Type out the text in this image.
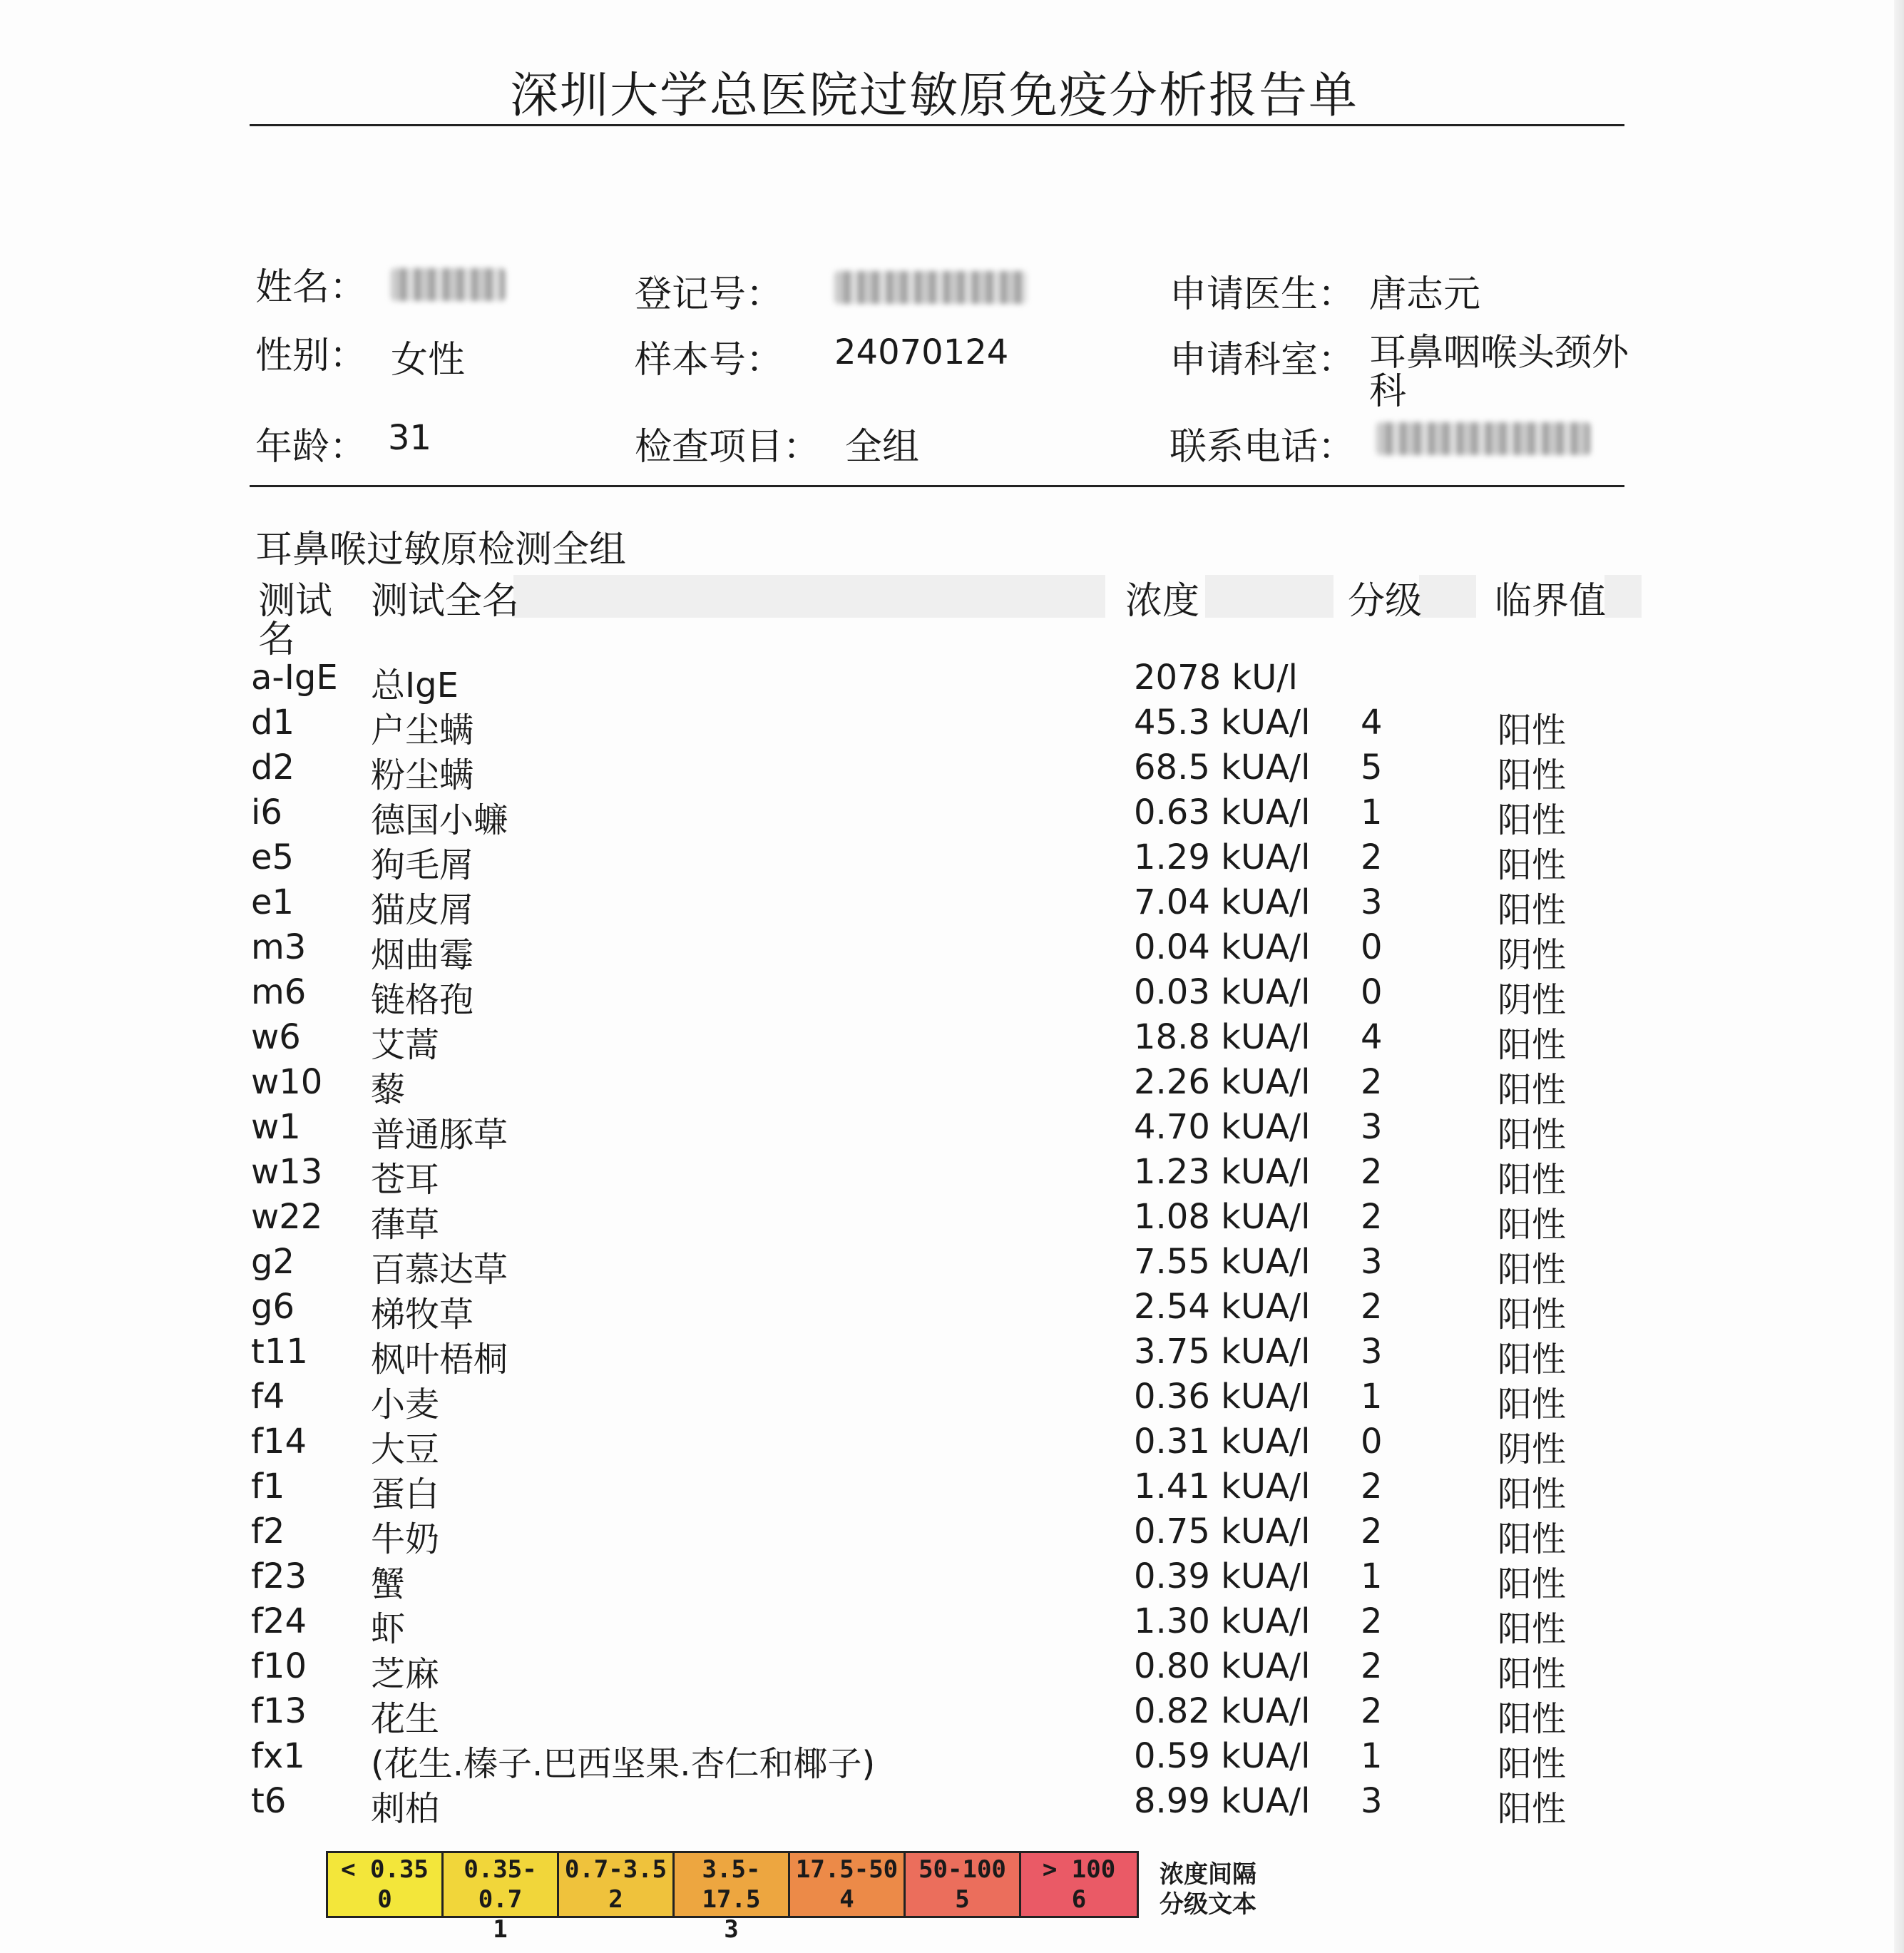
深圳大学总医院过敏原免疫分析报告单
姓名：	登记号：	申请医生： 唐志元
性别： 女性	样本号： 24070124	申请科室： 耳鼻咽喉头颈外
科
年龄： 31	检查项目： 全组	联系电话：
耳鼻喉过敏原检测全组
测试
名
测试全名	浓度	分级 临界值
a-IgE 总IgE	2078 kU/l
d1 户尘螨	45.3 kUA/l 4	阳性
d2 粉尘螨	68.5 kUA/l 5	阳性
i6	德国小蠊	0.63 kUA/l 1	阳性
e5 狗毛屑	1.29 kUA/l 2	阳性
e1 猫皮屑	7.04 kUA/l 3	阳性
m3 烟曲霉	0.04 kUA/l 0	阴性
m6 链格孢	0.03 kUA/l 0	阴性
w6 艾蒿	18.8 kUA/l 4	阳性
w10 藜	2.26 kUA/l 2	阳性
w1 普通豚草	4.70 kUA/l 3	阳性
w13 苍耳	1.23 kUA/l 2	阳性
w22 葎草	1.08 kUA/l 2	阳性
g2 百慕达草	7.55 kUA/l 3	阳性
g6 梯牧草	2.54 kUA/l 2	阳性
t11 枫叶梧桐	3.75 kUA/l 3	阳性
f4	小麦	0.36 kUA/l 1	阳性
f14 大豆	0.31 kUA/l 0	阴性
f1	蛋白	1.41 kUA/l 2	阳性
f2	牛奶	0.75 kUA/l 2	阳性
f23 蟹	0.39 kUA/l 1	阳性
f24 虾	1.30 kUA/l 2	阳性
f10 芝麻	0.80 kUA/l 2	阳性
f13 花生	0.82 kUA/l 2	阳性
fx1 (花生.榛子.巴西坚果.杏仁和椰子)	0.59 kUA/l 1	阳性
t6 刺柏	8.99 kUA/l 3	阳性
< 0.35
0
0.35-0.7
1
0.7-3.5
2
3.5-17.5
3
17.5-50
4
50-100
5
> 100
6
浓度间隔
分级文本
